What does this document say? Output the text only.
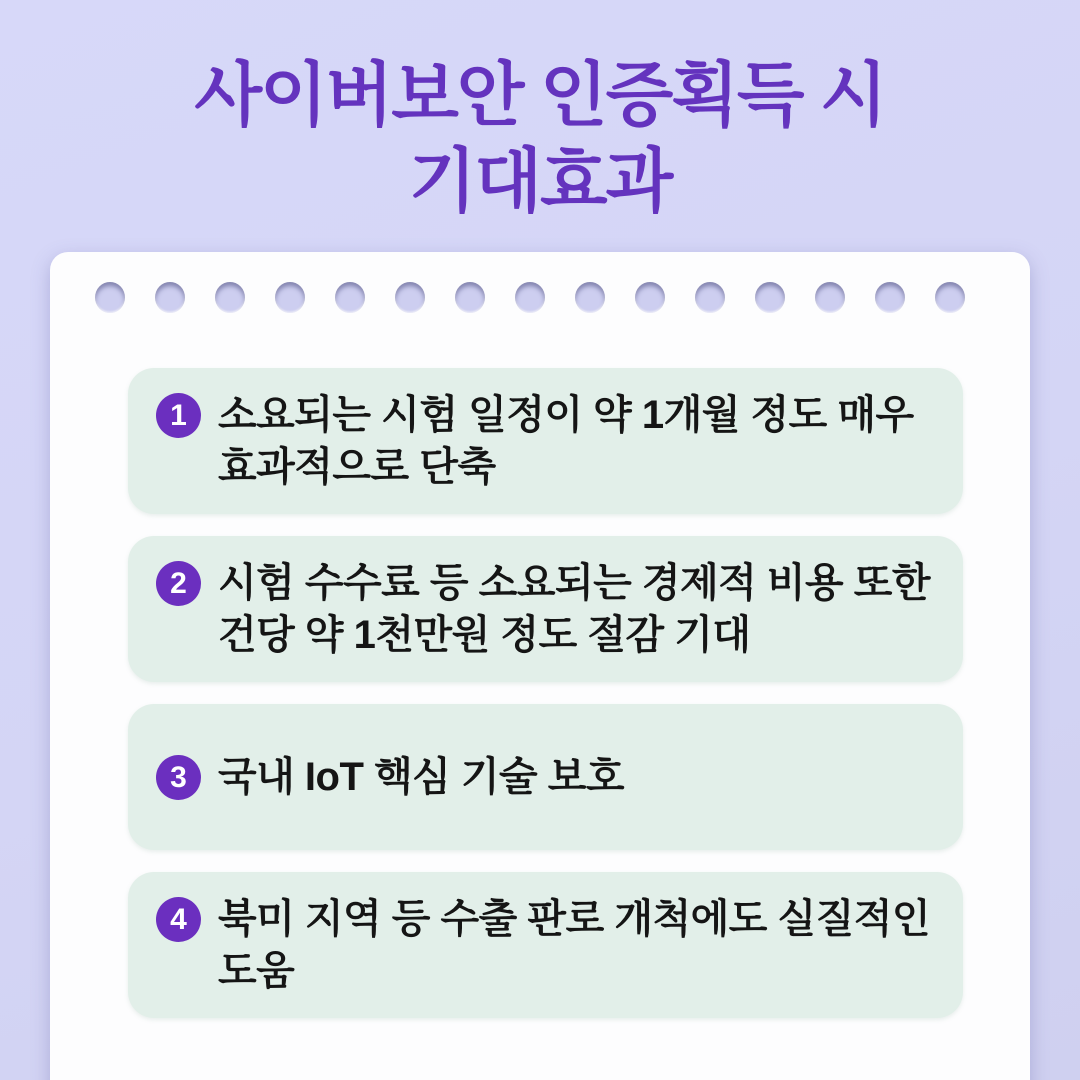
사이버보안 인증획득 시
기대효과
1 소요되는 시험 일정이 약 1개월 정도 매우
효과적으로 단축
2 시험 수수료 등 소요되는 경제적 비용 또한
건당 약 1천만원 정도 절감 기대
3 국내 IoT 핵심 기술 보호
4 북미 지역 등 수출 판로 개척에도 실질적인
도움
